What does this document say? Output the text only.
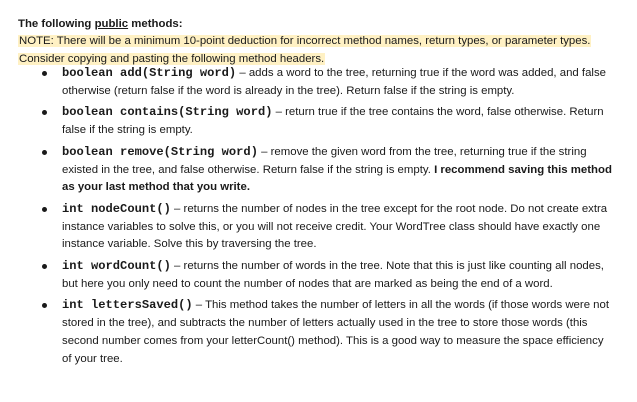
The following public methods:
NOTE: There will be a minimum 10-point deduction for incorrect method names, return types, or parameter types. Consider copying and pasting the following method headers.
boolean add(String word) – adds a word to the tree, returning true if the word was added, and false otherwise (return false if the word is already in the tree). Return false if the string is empty.
boolean contains(String word) – return true if the tree contains the word, false otherwise. Return false if the string is empty.
boolean remove(String word) – remove the given word from the tree, returning true if the string existed in the tree, and false otherwise. Return false if the string is empty. I recommend saving this method as your last method that you write.
int nodeCount() – returns the number of nodes in the tree except for the root node. Do not create extra instance variables to solve this, or you will not receive credit. Your WordTree class should have exactly one instance variable. Solve this by traversing the tree.
int wordCount() – returns the number of words in the tree. Note that this is just like counting all nodes, but here you only need to count the number of nodes that are marked as being the end of a word.
int lettersSaved() – This method takes the number of letters in all the words (if those words were not stored in the tree), and subtracts the number of letters actually used in the tree to store those words (this second number comes from your letterCount() method). This is a good way to measure the space efficiency of your tree.
